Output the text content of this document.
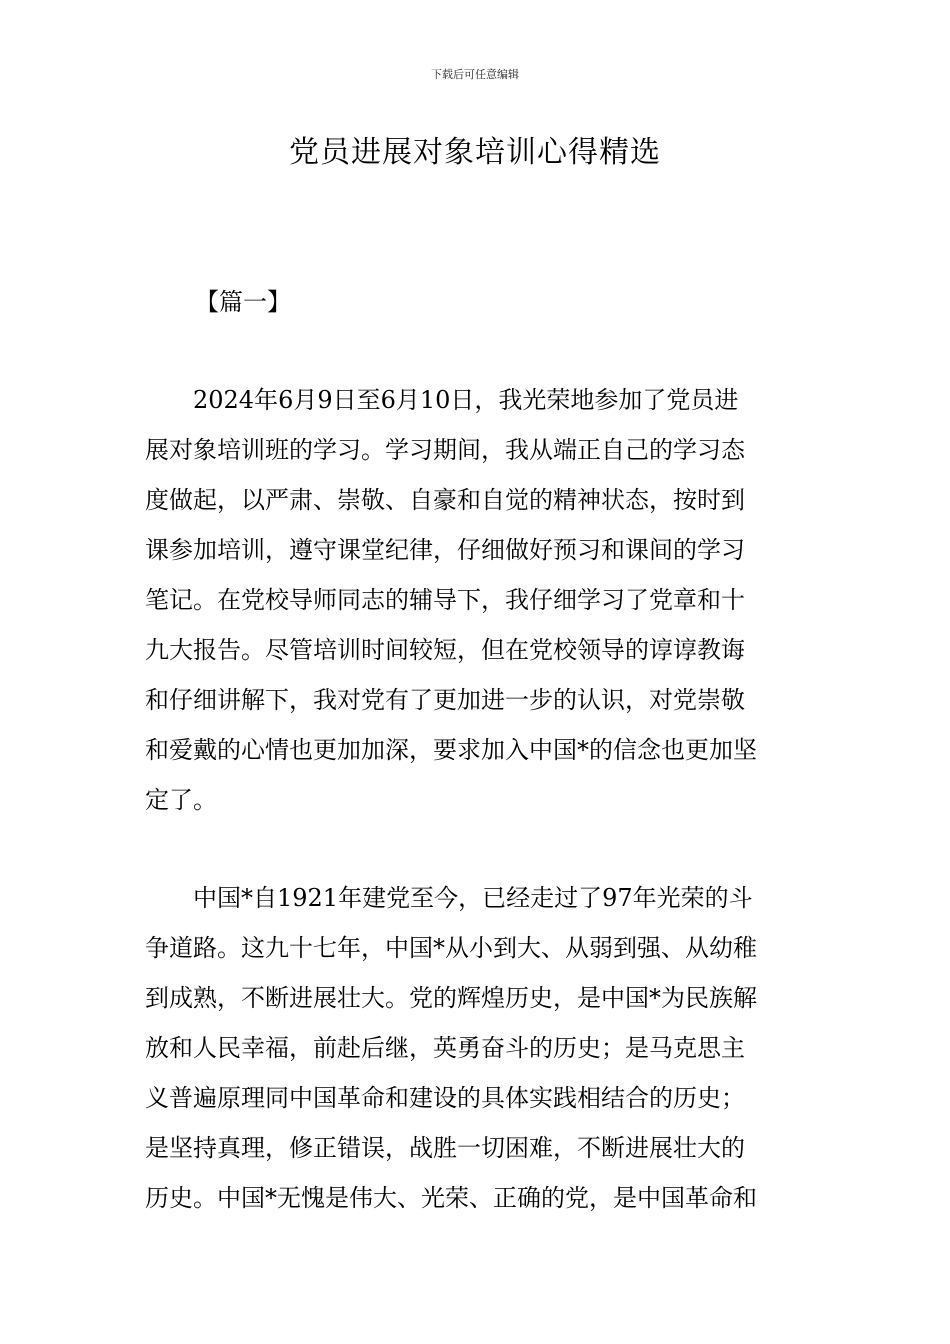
下载后可任意编辑
党员进展对象培训心得精选
【篇一】
　　2024年6月9日至6月10日，我光荣地参加了党员进
展对象培训班的学习。学习期间，我从端正自己的学习态
度做起，以严肃、崇敬、自豪和自觉的精神状态，按时到
课参加培训，遵守课堂纪律，仔细做好预习和课间的学习
笔记。在党校导师同志的辅导下，我仔细学习了党章和十
九大报告。尽管培训时间较短，但在党校领导的谆谆教诲
和仔细讲解下，我对党有了更加进一步的认识，对党崇敬
和爱戴的心情也更加加深，要求加入中国*的信念也更加坚
定了。
　　中国*自1921年建党至今，已经走过了97年光荣的斗
争道路。这九十七年，中国*从小到大、从弱到强、从幼稚
到成熟，不断进展壮大。党的辉煌历史，是中国*为民族解
放和人民幸福，前赴后继，英勇奋斗的历史；是马克思主
义普遍原理同中国革命和建设的具体实践相结合的历史；
是坚持真理，修正错误，战胜一切困难，不断进展壮大的
历史。中国*无愧是伟大、光荣、正确的党，是中国革命和
